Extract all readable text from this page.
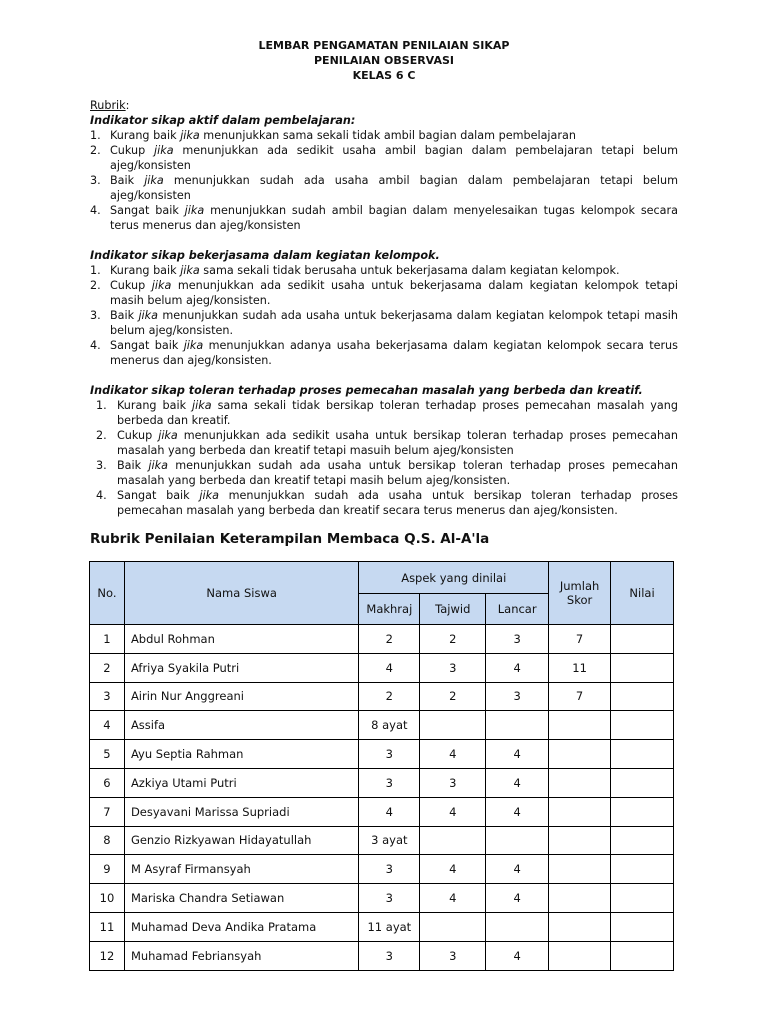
LEMBAR PENGAMATAN PENILAIAN SIKAP
PENILAIAN OBSERVASI
KELAS 6 C
Rubrik:
Indikator sikap aktif dalam pembelajaran:
1. Kurang baik jika menunjukkan sama sekali tidak ambil bagian dalam pembelajaran
2. Cukup jika menunjukkan ada sedikit usaha ambil bagian dalam pembelajaran tetapi belum ajeg/konsisten
3. Baik jika menunjukkan sudah ada usaha ambil bagian dalam pembelajaran tetapi belum ajeg/konsisten
4. Sangat baik jika menunjukkan sudah ambil bagian dalam menyelesaikan tugas kelompok secara terus menerus dan ajeg/konsisten
Indikator sikap bekerjasama dalam kegiatan kelompok.
1. Kurang baik jika sama sekali tidak berusaha untuk bekerjasama dalam kegiatan kelompok.
2. Cukup jika menunjukkan ada sedikit usaha untuk bekerjasama dalam kegiatan kelompok tetapi masih belum ajeg/konsisten.
3. Baik jika menunjukkan sudah ada usaha untuk bekerjasama dalam kegiatan kelompok tetapi masih belum ajeg/konsisten.
4. Sangat baik jika menunjukkan adanya usaha bekerjasama dalam kegiatan kelompok secara terus menerus dan ajeg/konsisten.
Indikator sikap toleran terhadap proses pemecahan masalah yang berbeda dan kreatif.
1. Kurang baik jika sama sekali tidak bersikap toleran terhadap proses pemecahan masalah yang berbeda dan kreatif.
2. Cukup jika menunjukkan ada sedikit usaha untuk bersikap toleran terhadap proses pemecahan masalah yang berbeda dan kreatif tetapi masuih belum ajeg/konsisten
3. Baik jika menunjukkan sudah ada usaha untuk bersikap toleran terhadap proses pemecahan masalah yang berbeda dan kreatif tetapi masih belum ajeg/konsisten.
4. Sangat baik jika menunjukkan sudah ada usaha untuk bersikap toleran terhadap proses pemecahan masalah yang berbeda dan kreatif secara terus menerus dan ajeg/konsisten.
Rubrik Penilaian Keterampilan Membaca Q.S. Al-A'la
No.	Nama Siswa	Aspek yang dinilai			Jumlah Skor	Nilai
		Makhraj	Tajwid	Lancar		
1	Abdul Rohman	2	2	3	7	
2	Afriya Syakila Putri	4	3	4	11	
3	Airin Nur Anggreani	2	2	3	7	
4	Assifa	8 ayat				
5	Ayu Septia Rahman	3	4	4		
6	Azkiya Utami Putri	3	3	4		
7	Desyavani Marissa Supriadi	4	4	4		
8	Genzio Rizkyawan Hidayatullah	3 ayat				
9	M Asyraf Firmansyah	3	4	4		
10	Mariska Chandra Setiawan	3	4	4		
11	Muhamad Deva Andika Pratama	11 ayat				
12	Muhamad Febriansyah	3	3	4		
